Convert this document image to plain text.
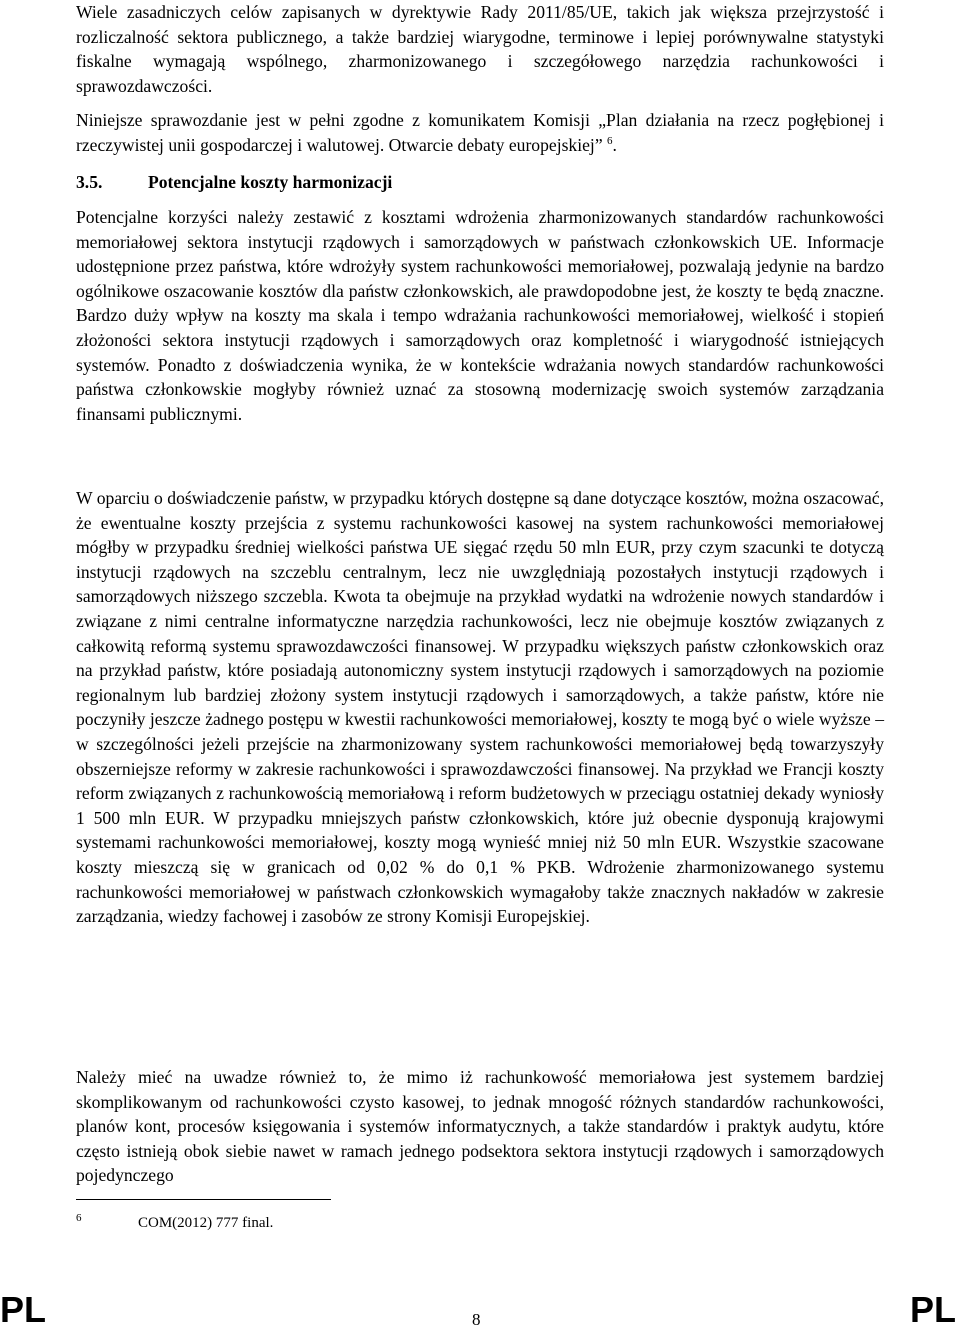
Wiele zasadniczych celów zapisanych w dyrektywie Rady 2011/85/UE, takich jak większa przejrzystość i rozliczalność sektora publicznego, a także bardziej wiarygodne, terminowe i lepiej porównywalne statystyki fiskalne wymagają wspólnego, zharmonizowanego i szczegółowego narzędzia rachunkowości i sprawozdawczości.

Niniejsze sprawozdanie jest w pełni zgodne z komunikatem Komisji „Plan działania na rzecz pogłębionej i rzeczywistej unii gospodarczej i walutowej. Otwarcie debaty europejskiej” $^6$.

3.5.	Potencjalne koszty harmonizacji

Potencjalne korzyści należy zestawić z kosztami wdrożenia zharmonizowanych standardów rachunkowości memoriałowej sektora instytucji rządowych i samorządowych w państwach członkowskich UE. Informacje udostępnione przez państwa, które wdrożyły system rachunkowości memoriałowej, pozwalają jedynie na bardzo ogólnikowe oszacowanie kosztów dla państw członkowskich, ale prawdopodobne jest, że koszty te będą znaczne. Bardzo duży wpływ na koszty ma skala i tempo wdrażania rachunkowości memoriałowej, wielkość i stopień złożoności sektora instytucji rządowych i samorządowych oraz kompletność i wiarygodność istniejących systemów. Ponadto z doświadczenia wynika, że w kontekście wdrażania nowych standardów rachunkowości państwa członkowskie mogłyby również uznać za stosowną modernizację swoich systemów zarządzania finansami publicznymi.

W oparciu o doświadczenie państw, w przypadku których dostępne są dane dotyczące kosztów, można oszacować, że ewentualne koszty przejścia z systemu rachunkowości kasowej na system rachunkowości memoriałowej mógłby w przypadku średniej wielkości państwa UE sięgać rzędu 50 mln EUR, przy czym szacunki te dotyczą instytucji rządowych na szczeblu centralnym, lecz nie uwzględniają pozostałych instytucji rządowych i samorządowych niższego szczebla. Kwota ta obejmuje na przykład wydatki na wdrożenie nowych standardów i związane z nimi centralne informatyczne narzędzia rachunkowości, lecz nie obejmuje kosztów związanych z całkowitą reformą systemu sprawozdawczości finansowej. W przypadku większych państw członkowskich oraz na przykład państw, które posiadają autonomiczny system instytucji rządowych i samorządowych na poziomie regionalnym lub bardziej złożony system instytucji rządowych i samorządowych, a także państw, które nie poczyniły jeszcze żadnego postępu w kwestii rachunkowości memoriałowej, koszty te mogą być o wiele wyższe – w szczególności jeżeli przejście na zharmonizowany system rachunkowości memoriałowej będą towarzyszyły obszerniejsze reformy w zakresie rachunkowości i sprawozdawczości finansowej. Na przykład we Francji koszty reform związanych z rachunkowością memoriałową i reform budżetowych w przeciągu ostatniej dekady wyniosły 1 500 mln EUR. W przypadku mniejszych państw członkowskich, które już obecnie dysponują krajowymi systemami rachunkowości memoriałowej, koszty mogą wynieść mniej niż 50 mln EUR. Wszystkie szacowane koszty mieszczą się w granicach od 0,02 % do 0,1 % PKB. Wdrożenie zharmonizowanego systemu rachunkowości memoriałowej w państwach członkowskich wymagałoby także znacznych nakładów w zakresie zarządzania, wiedzy fachowej i zasobów ze strony Komisji Europejskiej.

Należy mieć na uwadze również to, że mimo iż rachunkowość memoriałowa jest systemem bardziej skomplikowanym od rachunkowości czysto kasowej, to jednak mnogość różnych standardów rachunkowości, planów kont, procesów księgowania i systemów informatycznych, a także standardów i praktyk audytu, które często istnieją obok siebie nawet w ramach jednego podsektora sektora instytucji rządowych i samorządowych pojedynczego

6	COM(2012) 777 final.
PL	8	PL
